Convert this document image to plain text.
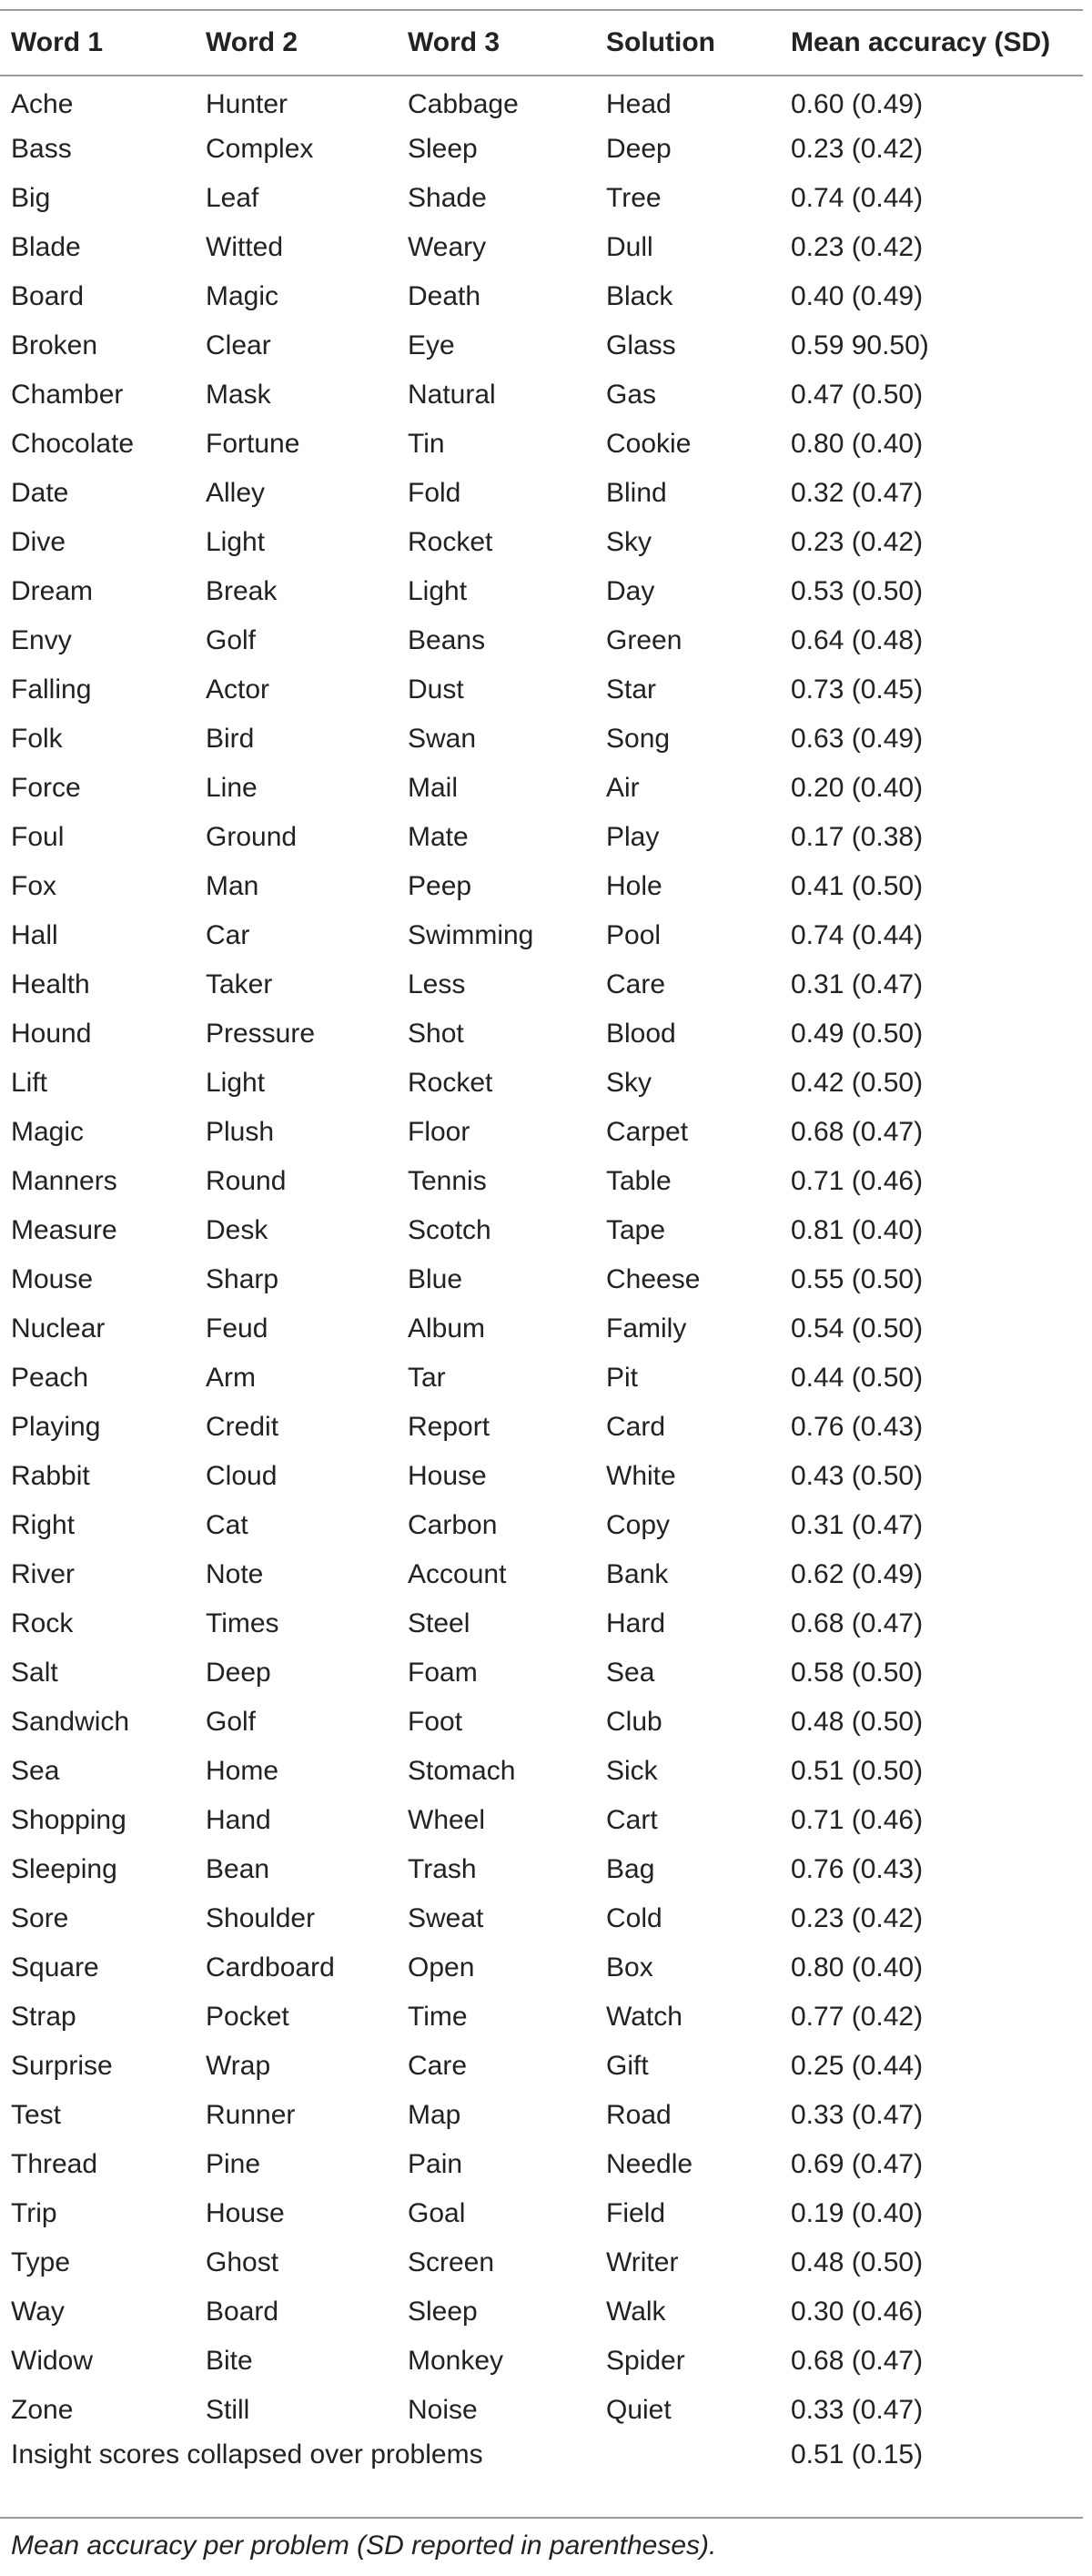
Word 1	Word 2	Word 3	Solution	Mean accuracy (SD)
Ache	Hunter	Cabbage	Head	0.60 (0.49)
Bass	Complex	Sleep	Deep	0.23 (0.42)
Big	Leaf	Shade	Tree	0.74 (0.44)
Blade	Witted	Weary	Dull	0.23 (0.42)
Board	Magic	Death	Black	0.40 (0.49)
Broken	Clear	Eye	Glass	0.59 90.50)
Chamber	Mask	Natural	Gas	0.47 (0.50)
Chocolate	Fortune	Tin	Cookie	0.80 (0.40)
Date	Alley	Fold	Blind	0.32 (0.47)
Dive	Light	Rocket	Sky	0.23 (0.42)
Dream	Break	Light	Day	0.53 (0.50)
Envy	Golf	Beans	Green	0.64 (0.48)
Falling	Actor	Dust	Star	0.73 (0.45)
Folk	Bird	Swan	Song	0.63 (0.49)
Force	Line	Mail	Air	0.20 (0.40)
Foul	Ground	Mate	Play	0.17 (0.38)
Fox	Man	Peep	Hole	0.41 (0.50)
Hall	Car	Swimming	Pool	0.74 (0.44)
Health	Taker	Less	Care	0.31 (0.47)
Hound	Pressure	Shot	Blood	0.49 (0.50)
Lift	Light	Rocket	Sky	0.42 (0.50)
Magic	Plush	Floor	Carpet	0.68 (0.47)
Manners	Round	Tennis	Table	0.71 (0.46)
Measure	Desk	Scotch	Tape	0.81 (0.40)
Mouse	Sharp	Blue	Cheese	0.55 (0.50)
Nuclear	Feud	Album	Family	0.54 (0.50)
Peach	Arm	Tar	Pit	0.44 (0.50)
Playing	Credit	Report	Card	0.76 (0.43)
Rabbit	Cloud	House	White	0.43 (0.50)
Right	Cat	Carbon	Copy	0.31 (0.47)
River	Note	Account	Bank	0.62 (0.49)
Rock	Times	Steel	Hard	0.68 (0.47)
Salt	Deep	Foam	Sea	0.58 (0.50)
Sandwich	Golf	Foot	Club	0.48 (0.50)
Sea	Home	Stomach	Sick	0.51 (0.50)
Shopping	Hand	Wheel	Cart	0.71 (0.46)
Sleeping	Bean	Trash	Bag	0.76 (0.43)
Sore	Shoulder	Sweat	Cold	0.23 (0.42)
Square	Cardboard	Open	Box	0.80 (0.40)
Strap	Pocket	Time	Watch	0.77 (0.42)
Surprise	Wrap	Care	Gift	0.25 (0.44)
Test	Runner	Map	Road	0.33 (0.47)
Thread	Pine	Pain	Needle	0.69 (0.47)
Trip	House	Goal	Field	0.19 (0.40)
Type	Ghost	Screen	Writer	0.48 (0.50)
Way	Board	Sleep	Walk	0.30 (0.46)
Widow	Bite	Monkey	Spider	0.68 (0.47)
Zone	Still	Noise	Quiet	0.33 (0.47)
Insight scores collapsed over problems				0.51 (0.15)
Mean accuracy per problem (SD reported in parentheses).
